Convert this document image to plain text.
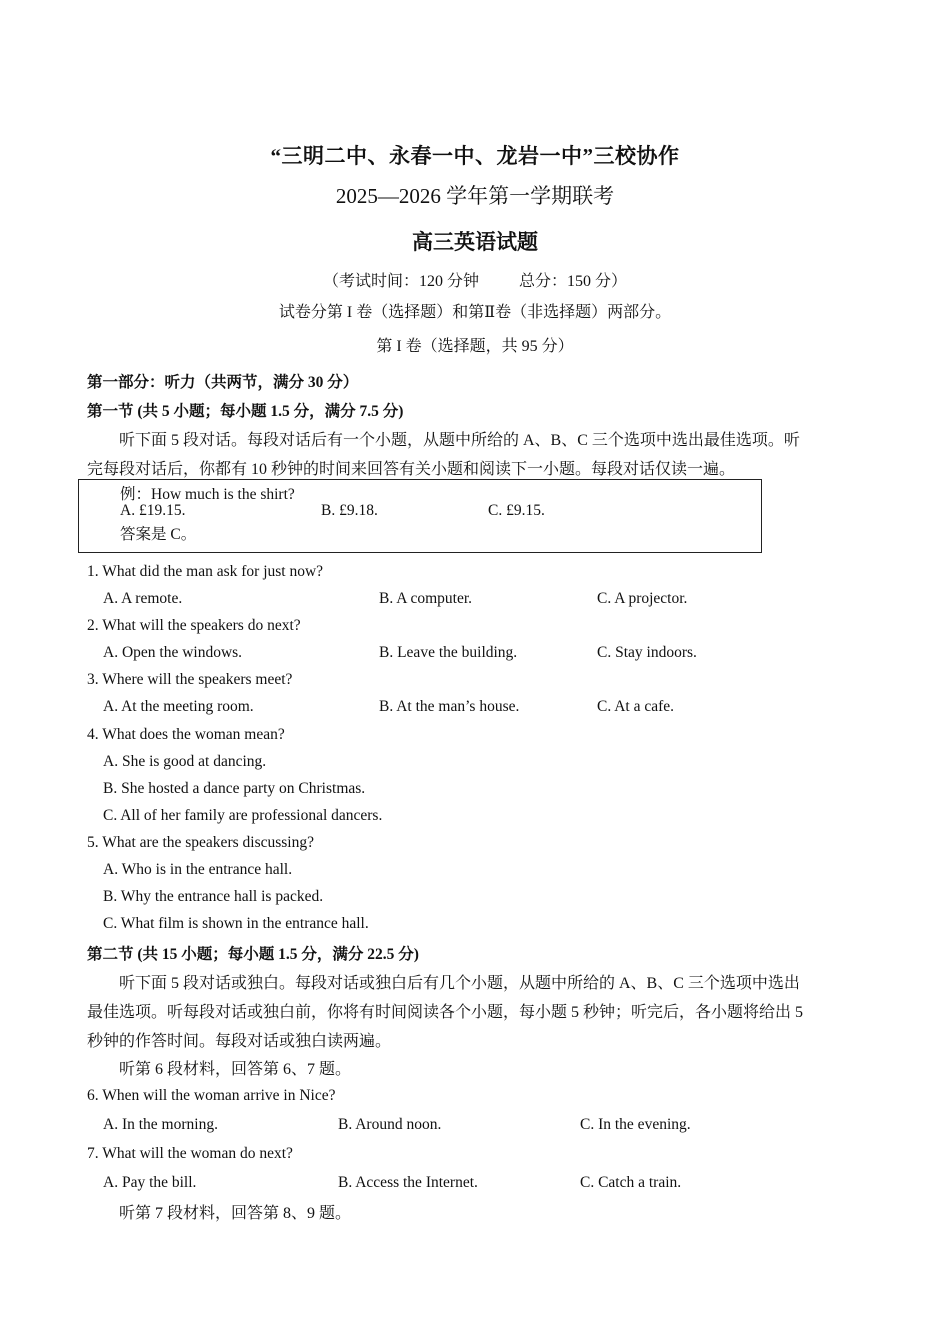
“三明二中、永春一中、龙岩一中”三校协作
2025—2026 学年第一学期联考
高三英语试题
（考试时间：120 分钟	总分：150 分）
试卷分第 I 卷（选择题）和第Ⅱ卷（非选择题）两部分。
第 I 卷（选择题，共 95 分）
第一部分：听力（共两节，满分 30 分）
第一节 (共 5 小题；每小题 1.5 分，满分 7.5 分)
听下面 5 段对话。每段对话后有一个小题，从题中所给的 A、B、C 三个选项中选出最佳选项。听
完每段对话后，你都有 10 秒钟的时间来回答有关小题和阅读下一小题。每段对话仅读一遍。
例：How much is the shirt?
A. £19.15.	B. £9.18.	C. £9.15.
答案是 C。
1. What did the man ask for just now?
A. A remote.	B. A computer.	C. A projector.
2. What will the speakers do next?
A. Open the windows.	B. Leave the building.	C. Stay indoors.
3. Where will the speakers meet?
A. At the meeting room.	B. At the man’s house.	C. At a cafe.
4. What does the woman mean?
A. She is good at dancing.
B. She hosted a dance party on Christmas.
C. All of her family are professional dancers.
5. What are the speakers discussing?
A. Who is in the entrance hall.
B. Why the entrance hall is packed.
C. What film is shown in the entrance hall.
第二节 (共 15 小题；每小题 1.5 分，满分 22.5 分)
听下面 5 段对话或独白。每段对话或独白后有几个小题，从题中所给的 A、B、C 三个选项中选出
最佳选项。听每段对话或独白前，你将有时间阅读各个小题，每小题 5 秒钟；听完后，各小题将给出 5
秒钟的作答时间。每段对话或独白读两遍。
听第 6 段材料，回答第 6、7 题。
6. When will the woman arrive in Nice?
A. In the morning.	B. Around noon.	C. In the evening.
7. What will the woman do next?
A. Pay the bill.	B. Access the Internet.	C. Catch a train.
听第 7 段材料，回答第 8、9 题。
